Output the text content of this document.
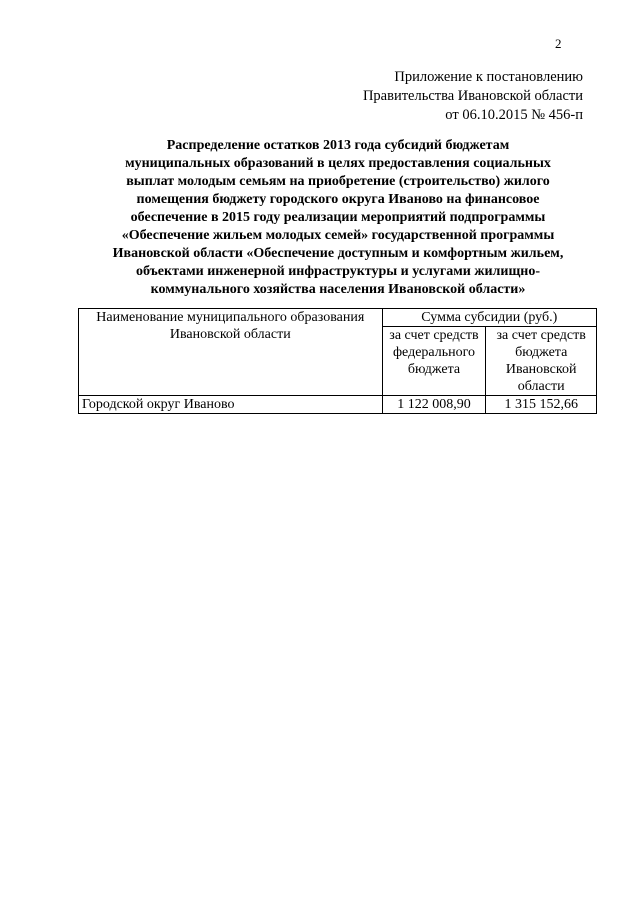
2
Приложение к постановлению
Правительства Ивановской области
от 06.10.2015 № 456-п
Распределение остатков 2013 года субсидий бюджетам
муниципальных образований в целях предоставления социальных
выплат молодым семьям на приобретение (строительство) жилого
помещения бюджету городского округа Иваново на финансовое
обеспечение в 2015 году реализации мероприятий подпрограммы
«Обеспечение жильем молодых семей» государственной программы
Ивановской области «Обеспечение доступным и комфортным жильем,
объектами инженерной инфраструктуры и услугами жилищно-
коммунального хозяйства населения Ивановской области»
Наименование муниципального образования Ивановской области	Сумма субсидии (руб.)	
	за счет средств федерального бюджета	за счет средств бюджета Ивановской области
Городской округ Иваново	1 122 008,90	1 315 152,66
